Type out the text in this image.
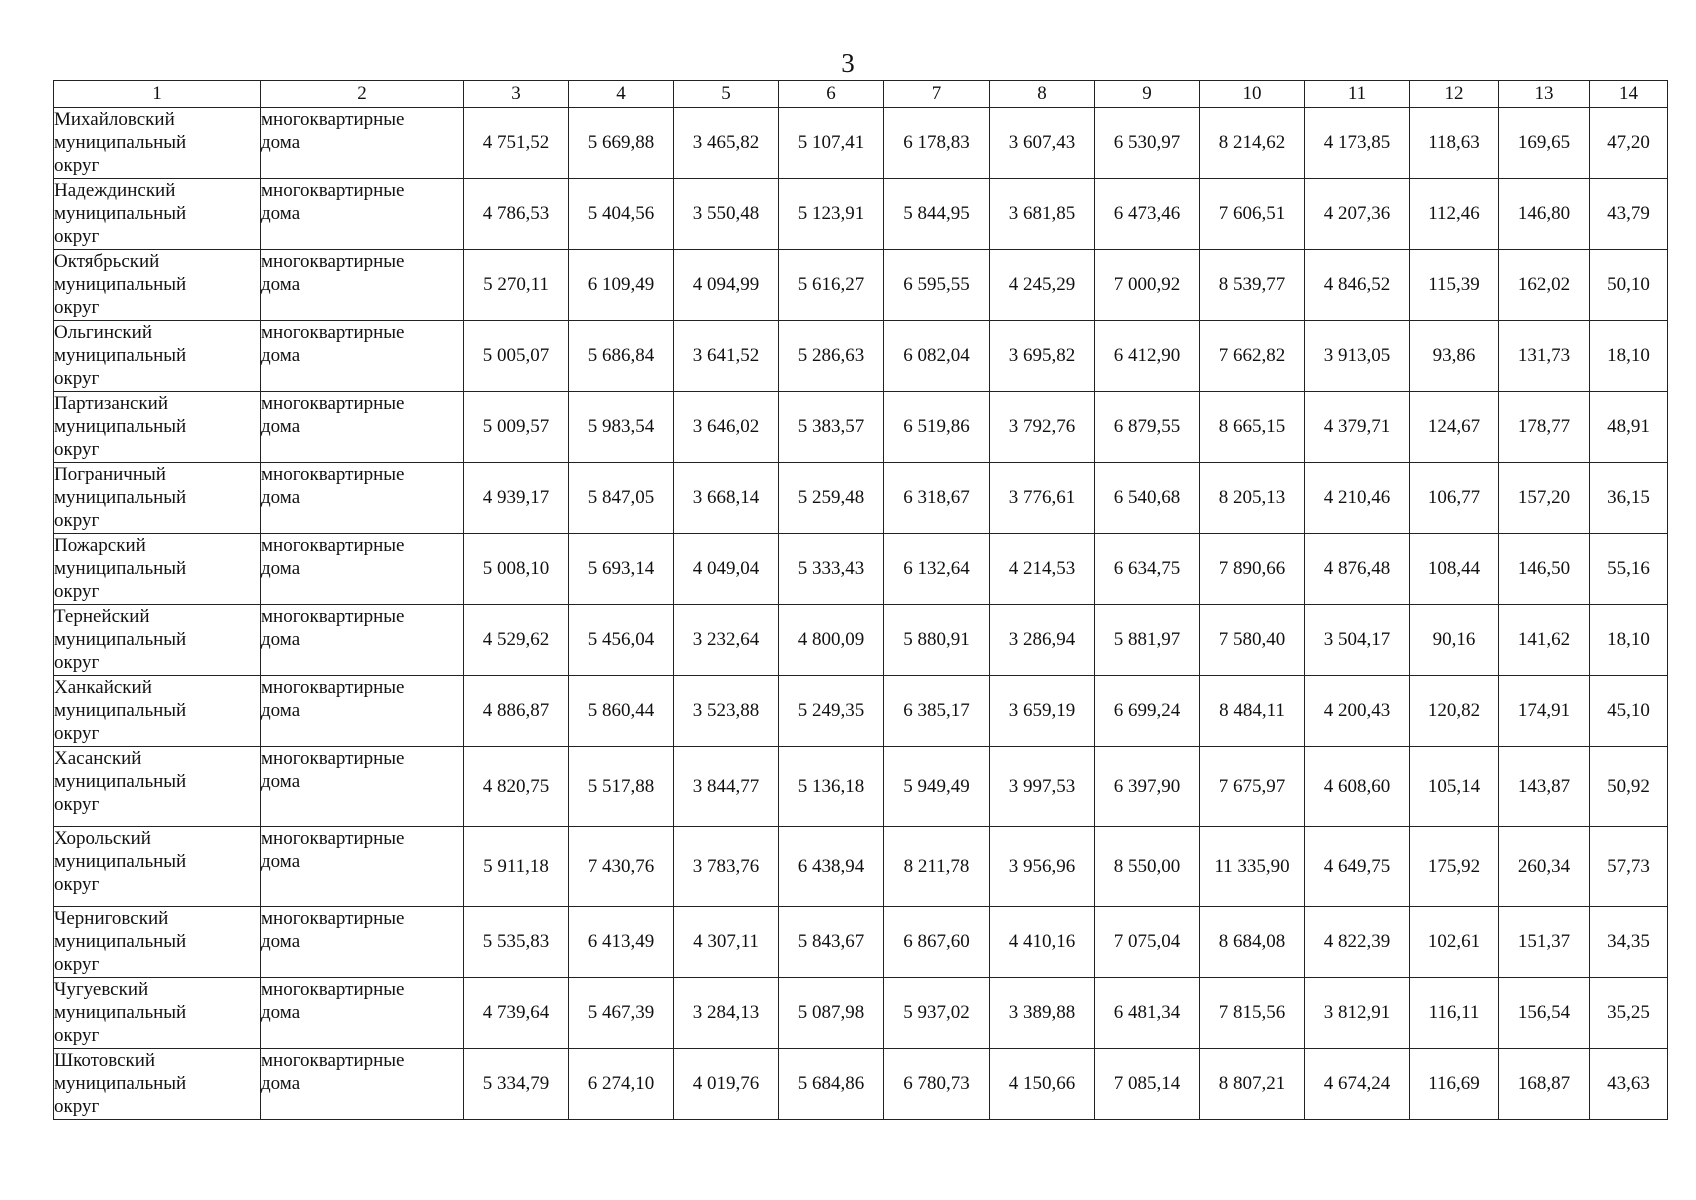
3
1	2	3	4	5	6	7	8	9	10	11	12	13	14
Михайловский
муниципальный
округ	многоквартирные
дома	4 751,52	5 669,88	3 465,82	5 107,41	6 178,83	3 607,43	6 530,97	8 214,62	4 173,85	118,63	169,65	47,20
Надеждинский
муниципальный
округ	многоквартирные
дома	4 786,53	5 404,56	3 550,48	5 123,91	5 844,95	3 681,85	6 473,46	7 606,51	4 207,36	112,46	146,80	43,79
Октябрьский
муниципальный
округ	многоквартирные
дома	5 270,11	6 109,49	4 094,99	5 616,27	6 595,55	4 245,29	7 000,92	8 539,77	4 846,52	115,39	162,02	50,10
Ольгинский
муниципальный
округ	многоквартирные
дома	5 005,07	5 686,84	3 641,52	5 286,63	6 082,04	3 695,82	6 412,90	7 662,82	3 913,05	93,86	131,73	18,10
Партизанский
муниципальный
округ	многоквартирные
дома	5 009,57	5 983,54	3 646,02	5 383,57	6 519,86	3 792,76	6 879,55	8 665,15	4 379,71	124,67	178,77	48,91
Пограничный
муниципальный
округ	многоквартирные
дома	4 939,17	5 847,05	3 668,14	5 259,48	6 318,67	3 776,61	6 540,68	8 205,13	4 210,46	106,77	157,20	36,15
Пожарский
муниципальный
округ	многоквартирные
дома	5 008,10	5 693,14	4 049,04	5 333,43	6 132,64	4 214,53	6 634,75	7 890,66	4 876,48	108,44	146,50	55,16
Тернейский
муниципальный
округ	многоквартирные
дома	4 529,62	5 456,04	3 232,64	4 800,09	5 880,91	3 286,94	5 881,97	7 580,40	3 504,17	90,16	141,62	18,10
Ханкайский
муниципальный
округ	многоквартирные
дома	4 886,87	5 860,44	3 523,88	5 249,35	6 385,17	3 659,19	6 699,24	8 484,11	4 200,43	120,82	174,91	45,10
Хасанский
муниципальный
округ	многоквартирные
дома	4 820,75	5 517,88	3 844,77	5 136,18	5 949,49	3 997,53	6 397,90	7 675,97	4 608,60	105,14	143,87	50,92
Хорольский
муниципальный
округ	многоквартирные
дома	5 911,18	7 430,76	3 783,76	6 438,94	8 211,78	3 956,96	8 550,00	11 335,90	4 649,75	175,92	260,34	57,73
Черниговский
муниципальный
округ	многоквартирные
дома	5 535,83	6 413,49	4 307,11	5 843,67	6 867,60	4 410,16	7 075,04	8 684,08	4 822,39	102,61	151,37	34,35
Чугуевский
муниципальный
округ	многоквартирные
дома	4 739,64	5 467,39	3 284,13	5 087,98	5 937,02	3 389,88	6 481,34	7 815,56	3 812,91	116,11	156,54	35,25
Шкотовский
муниципальный
округ	многоквартирные
дома	5 334,79	6 274,10	4 019,76	5 684,86	6 780,73	4 150,66	7 085,14	8 807,21	4 674,24	116,69	168,87	43,63
